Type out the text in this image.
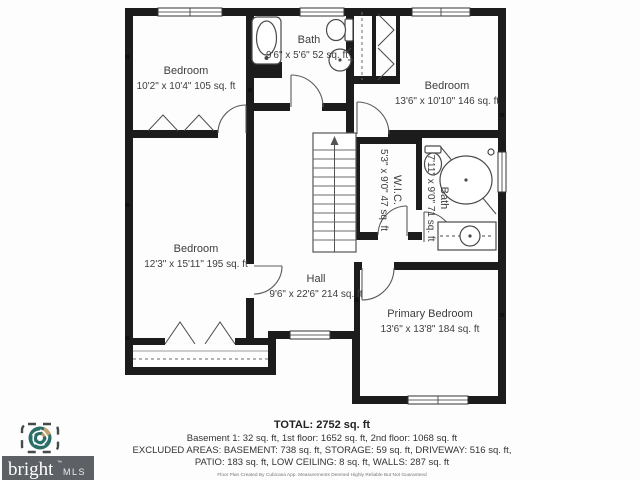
Bedroom
10'2" x 10'4" 105 sq. ft
Bath
9'6" x 5'6" 52 sq. ft
Bedroom
13'6" x 10'10" 146 sq. ft
W.I.C.
5'3" x 9'0" 47 sq. ft	Bath
7'11" x 9'0" 71 sq. ft
Bedroom
12'3" x 15'11" 195 sq. ft
Hall
9'6" x 22'6" 214 sq. ft
Primary Bedroom
13'6" x 13'8" 184 sq. ft
TOTAL: 2752 sq. ft
Basement 1: 32 sq. ft, 1st floor: 1652 sq. ft, 2nd floor: 1068 sq. ft
EXCLUDED AREAS: BASEMENT: 738 sq. ft, STORAGE: 59 sq. ft, DRIVEWAY: 516 sq. ft,
PATIO: 183 sq. ft, LOW CEILING: 8 sq. ft, WALLS: 287 sq. ft
Floor Plan Created By Cubicasa App. Measurements Deemed Highly Reliable But Not Guaranteed
bright ™
MLS
